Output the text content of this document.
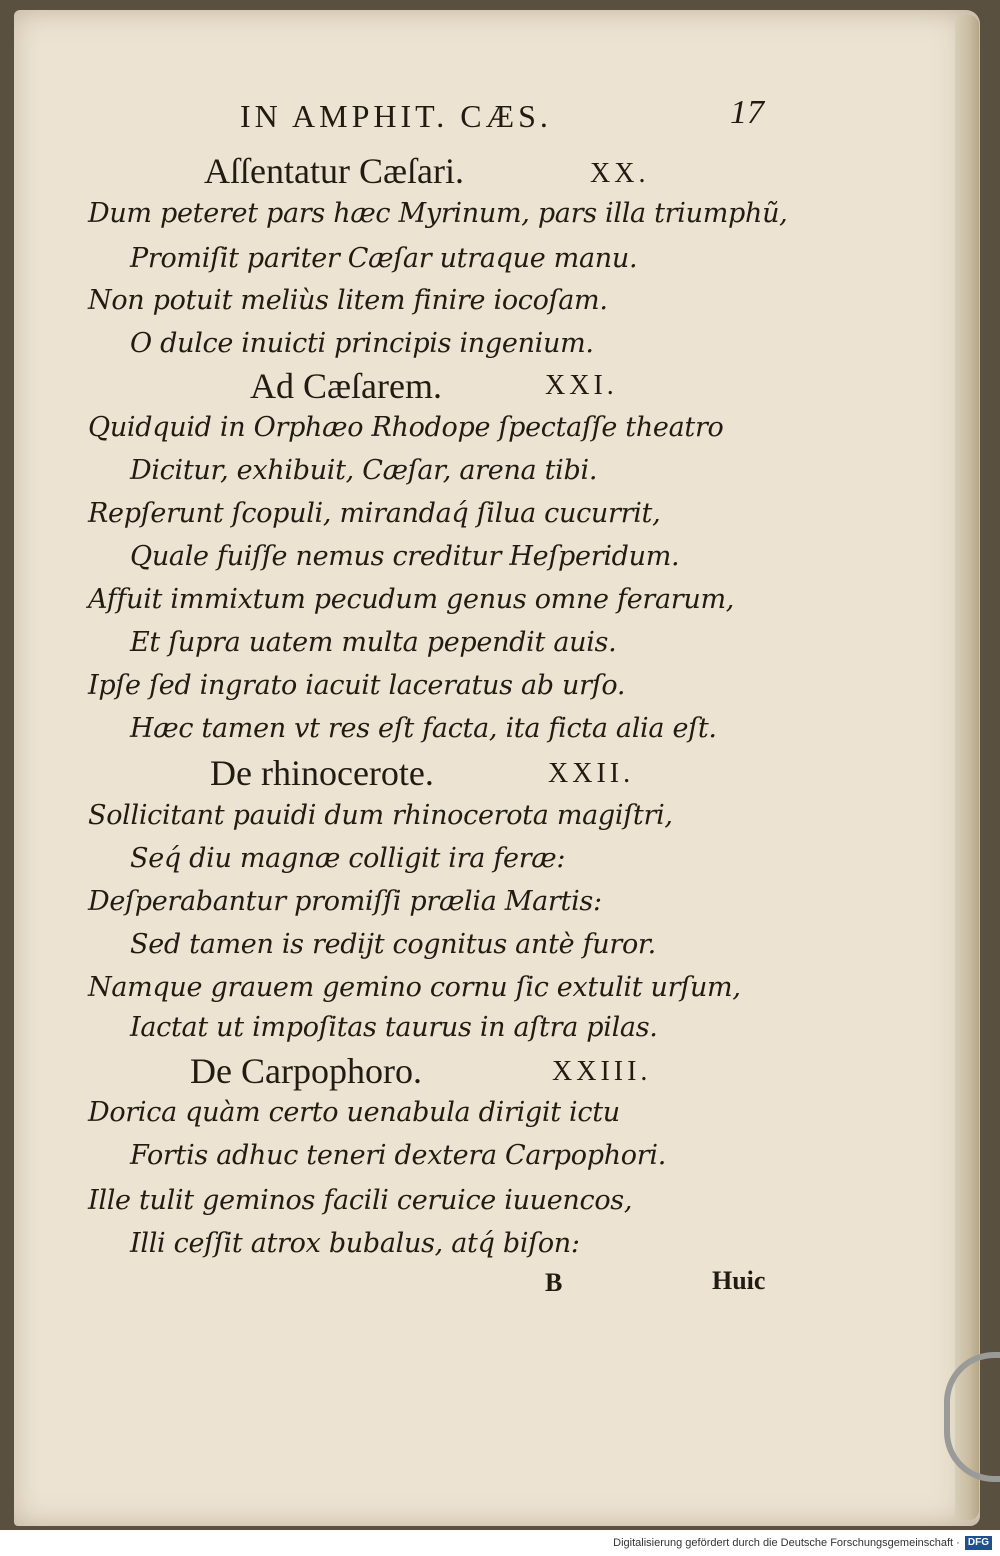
IN AMPHIT. CÆS.	17
Aſſentatur Cæſari.	XX.
Dum peteret pars hæc Myrinum, pars illa triumphũ,
Promiſit pariter Cæſar utraque manu.
Non potuit meliùs litem finire iocoſam.
O dulce inuicti principis ingenium.
Ad Cæſarem.	XXI.
Quidquid in Orphæo Rhodope ſpectaſſe theatro
Dicitur, exhibuit, Cæſar, arena tibi.
Repſerunt ſcopuli, mirandaq́ ſilua cucurrit,
Quale fuiſſe nemus creditur Heſperidum.
Affuit immixtum pecudum genus omne ferarum,
Et ſupra uatem multa pependit auis.
Ipſe ſed ingrato iacuit laceratus ab urſo.
Hæc tamen vt res eſt facta, ita ficta alia eſt.
De rhinocerote.	XXII.
Sollicitant pauidi dum rhinocerota magiſtri,
Seq́ diu magnæ colligit ira feræ:
Deſperabantur promiſſi prælia Martis:
Sed tamen is redijt cognitus antè furor.
Namque grauem gemino cornu ſic extulit urſum,
Iactat ut impoſitas taurus in aſtra pilas.
De Carpophoro.	XXIII.
Dorica quàm certo uenabula dirigit ictu
Fortis adhuc teneri dextera Carpophori.
Ille tulit geminos facili ceruice iuuencos,
Illi ceſſit atrox bubalus, atq́ biſon:
B	Huic
Digitalisierung gefördert durch die Deutsche Forschungsgemeinschaft · DFG
